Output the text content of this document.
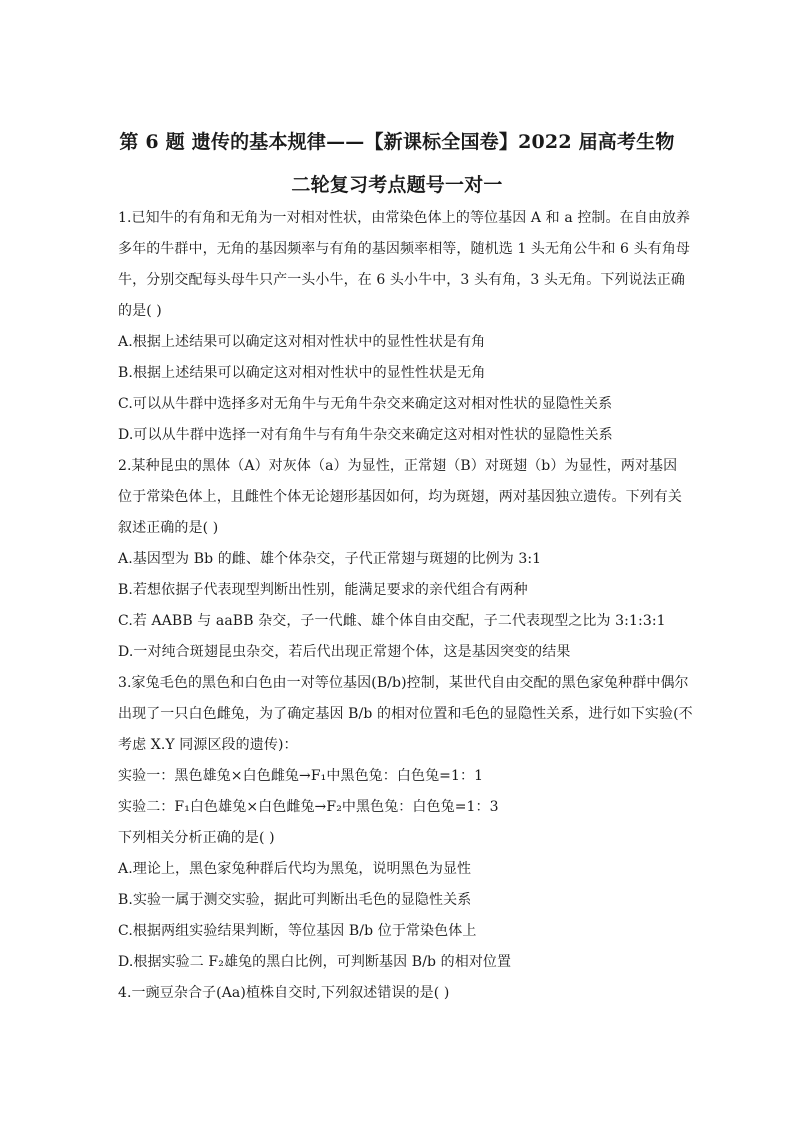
第 6 题 遗传的基本规律——【新课标全国卷】2022 届高考生物
二轮复习考点题号一对一
1.已知牛的有角和无角为一对相对性状，由常染色体上的等位基因 A 和 a 控制。在自由放养
多年的牛群中，无角的基因频率与有角的基因频率相等，随机选 1 头无角公牛和 6 头有角母
牛，分别交配每头母牛只产一头小牛，在 6 头小牛中，3 头有角，3 头无角。下列说法正确
的是( )
A.根据上述结果可以确定这对相对性状中的显性性状是有角
B.根据上述结果可以确定这对相对性状中的显性性状是无角
C.可以从牛群中选择多对无角牛与无角牛杂交来确定这对相对性状的显隐性关系
D.可以从牛群中选择一对有角牛与有角牛杂交来确定这对相对性状的显隐性关系
2.某种昆虫的黑体（A）对灰体（a）为显性，正常翅（B）对斑翅（b）为显性，两对基因
位于常染色体上，且雌性个体无论翅形基因如何，均为斑翅，两对基因独立遗传。下列有关
叙述正确的是( )
A.基因型为 Bb 的雌、雄个体杂交，子代正常翅与斑翅的比例为 3:1
B.若想依据子代表现型判断出性别，能满足要求的亲代组合有两种
C.若 AABB 与 aaBB 杂交，子一代雌、雄个体自由交配，子二代表现型之比为 3:1:3:1
D.一对纯合斑翅昆虫杂交，若后代出现正常翅个体，这是基因突变的结果
3.家兔毛色的黑色和白色由一对等位基因(B/b)控制，某世代自由交配的黑色家兔种群中偶尔
出现了一只白色雌兔，为了确定基因 B/b 的相对位置和毛色的显隐性关系，进行如下实验(不
考虑 X.Y 同源区段的遗传)：
实验一：黑色雄兔×白色雌兔→F₁中黑色兔：白色兔=1：1
实验二：F₁白色雄兔×白色雌兔→F₂中黑色兔：白色兔=1：3
下列相关分析正确的是( )
A.理论上，黑色家兔种群后代均为黑兔，说明黑色为显性
B.实验一属于测交实验，据此可判断出毛色的显隐性关系
C.根据两组实验结果判断，等位基因 B/b 位于常染色体上
D.根据实验二 F₂雄兔的黑白比例，可判断基因 B/b 的相对位置
4.一豌豆杂合子(Aa)植株自交时,下列叙述错误的是( )
